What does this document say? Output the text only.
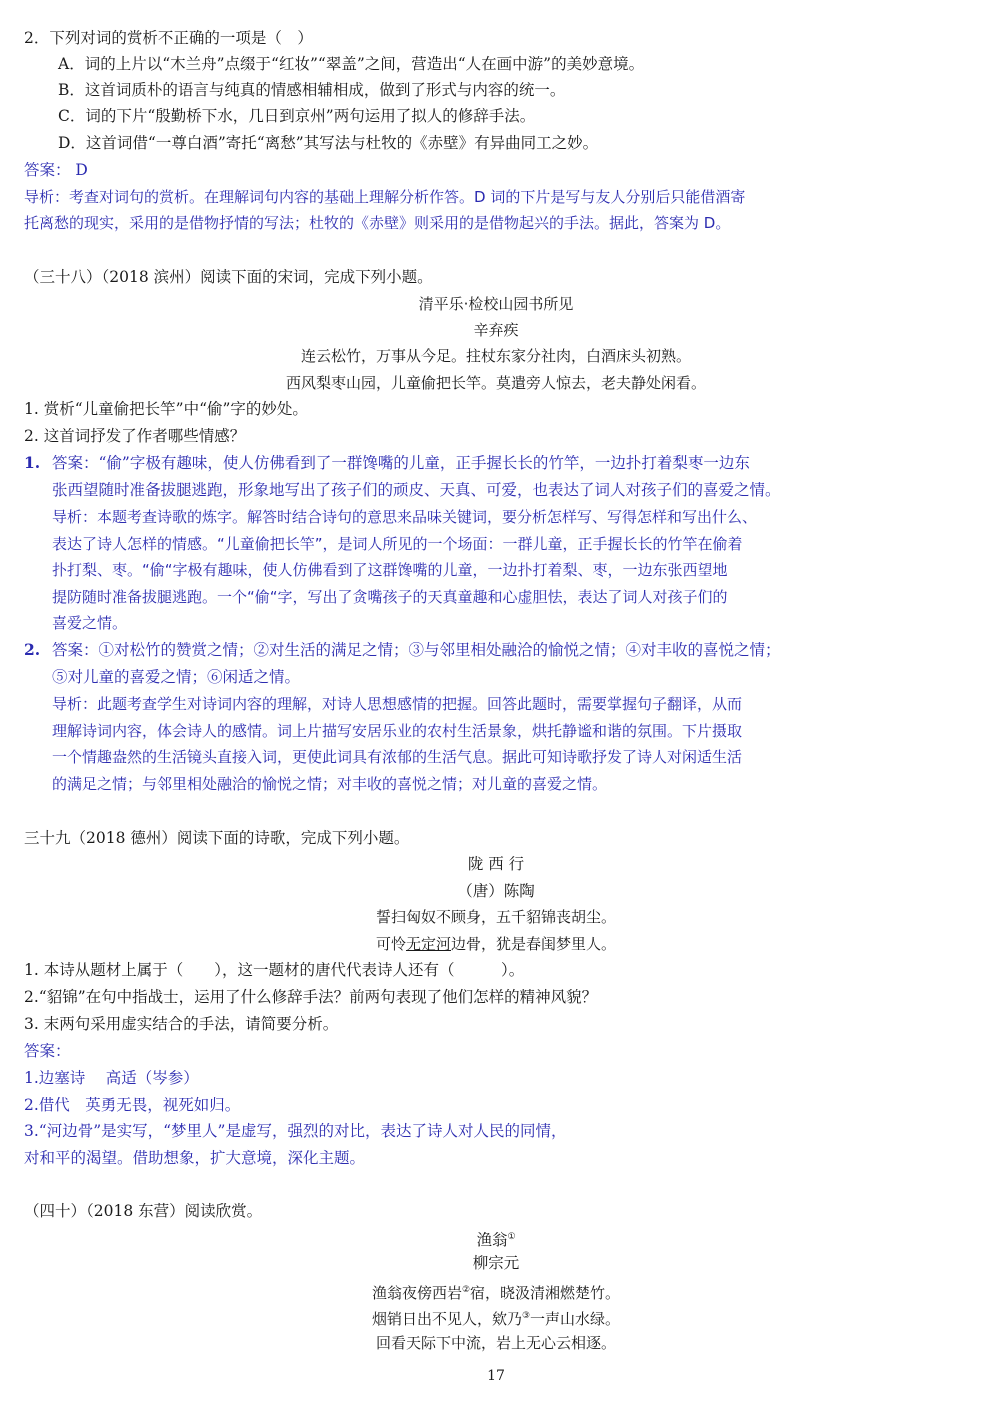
2．下列对词的赏析不正确的一项是（　）
A．词的上片以“木兰舟”点缀于“红妆”“翠盖”之间，营造出“人在画中游”的美妙意境。
B．这首词质朴的语言与纯真的情感相辅相成，做到了形式与内容的统一。
C．词的下片“殷勤桥下水，几日到京州”两句运用了拟人的修辞手法。
D．这首词借“一尊白酒”寄托“离愁”其写法与杜牧的《赤壁》有异曲同工之妙。
答案： D
导析：考查对词句的赏析。在理解词句内容的基础上理解分析作答。D 词的下片是写与友人分别后只能借酒寄
托离愁的现实，采用的是借物抒情的写法；杜牧的《赤壁》则采用的是借物起兴的手法。据此，答案为 D。
（三十八）（2018 滨州）阅读下面的宋词，完成下列小题。
清平乐·检校山园书所见
辛弃疾
连云松竹，万事从今足。拄杖东家分社肉，白酒床头初熟。
西风梨枣山园，儿童偷把长竿。莫遣旁人惊去，老夫静处闲看。
1. 赏析“儿童偷把长竿”中“偷”字的妙处。
2. 这首词抒发了作者哪些情感？
1. 答案：“偷”字极有趣味，使人仿佛看到了一群馋嘴的儿童，正手握长长的竹竿，一边扑打着梨枣一边东
张西望随时准备拔腿逃跑，形象地写出了孩子们的顽皮、天真、可爱，也表达了词人对孩子们的喜爱之情。
导析：本题考查诗歌的炼字。解答时结合诗句的意思来品味关键词，要分析怎样写、写得怎样和写出什么、
表达了诗人怎样的情感。“儿童偷把长竿”，是词人所见的一个场面：一群儿童，正手握长长的竹竿在偷着
扑打梨、枣。“偷“字极有趣味，使人仿佛看到了这群馋嘴的儿童，一边扑打着梨、枣，一边东张西望地
提防随时准备拔腿逃跑。一个“偷“字，写出了贪嘴孩子的天真童趣和心虚胆怯，表达了词人对孩子们的
喜爱之情。
2. 答案：①对松竹的赞赏之情；②对生活的满足之情；③与邻里相处融洽的愉悦之情；④对丰收的喜悦之情；
⑤对儿童的喜爱之情；⑥闲适之情。
导析：此题考查学生对诗词内容的理解，对诗人思想感情的把握。回答此题时，需要掌握句子翻译，从而
理解诗词内容，体会诗人的感情。词上片描写安居乐业的农村生活景象，烘托静谧和谐的氛围。下片摄取
一个情趣盎然的生活镜头直接入词，更使此词具有浓郁的生活气息。据此可知诗歌抒发了诗人对闲适生活
的满足之情；与邻里相处融洽的愉悦之情；对丰收的喜悦之情；对儿童的喜爱之情。
三十九（2018 德州）阅读下面的诗歌，完成下列小题。
陇 西 行
（唐）陈陶
誓扫匈奴不顾身，五千貂锦丧胡尘。
可怜无定河边骨，犹是春闺梦里人。
1. 本诗从题材上属于（　　），这一题材的唐代代表诗人还有（　　　）。
2.“貂锦”在句中指战士，运用了什么修辞手法？前两句表现了他们怎样的精神风貌？
3. 末两句采用虚实结合的手法，请简要分析。
答案：
1.边塞诗　 高适（岑参）
2.借代　英勇无畏，视死如归。
3.“河边骨”是实写，“梦里人”是虚写，强烈的对比，表达了诗人对人民的同情，
对和平的渴望。借助想象，扩大意境，深化主题。
（四十）（2018 东营）阅读欣赏。
渔翁①
柳宗元
渔翁夜傍西岩②宿，晓汲清湘燃楚竹。
烟销日出不见人，欸乃③一声山水绿。
回看天际下中流，岩上无心云相逐。
17
